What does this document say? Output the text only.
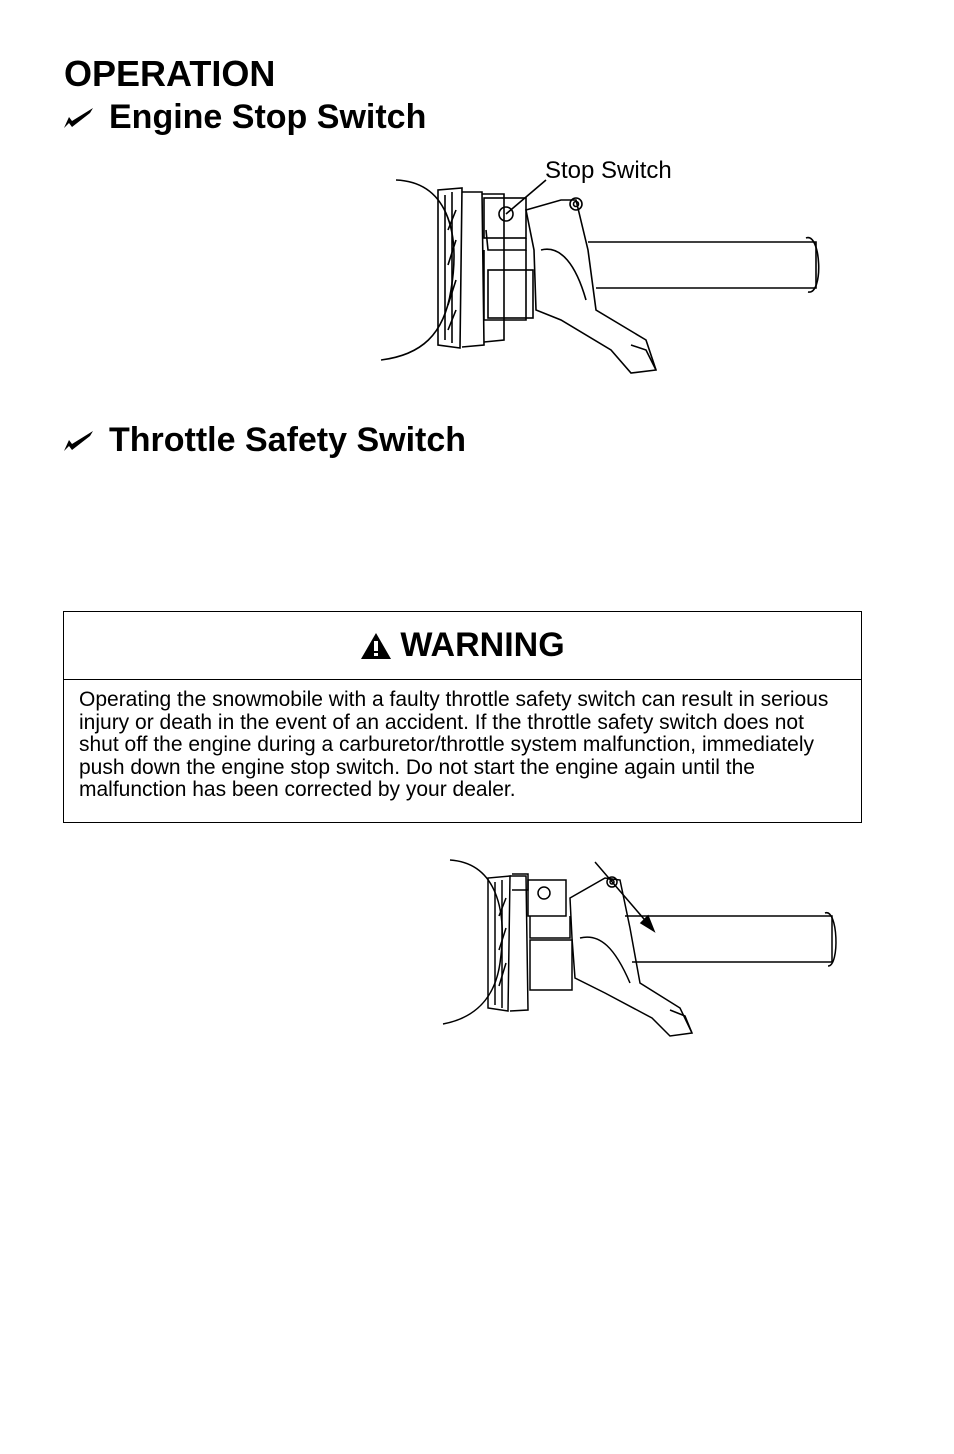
OPERATION
Engine Stop Switch
Stop Switch
Throttle Safety Switch
WARNING
Operating the snowmobile with a faulty throttle safety switch can result in serious injury or death in the event of an accident. If the throttle safety switch does not shut off the engine during a carburetor/throttle system malfunction, immediately push down the engine stop switch. Do not start the engine again until the malfunction has been corrected by your dealer.
